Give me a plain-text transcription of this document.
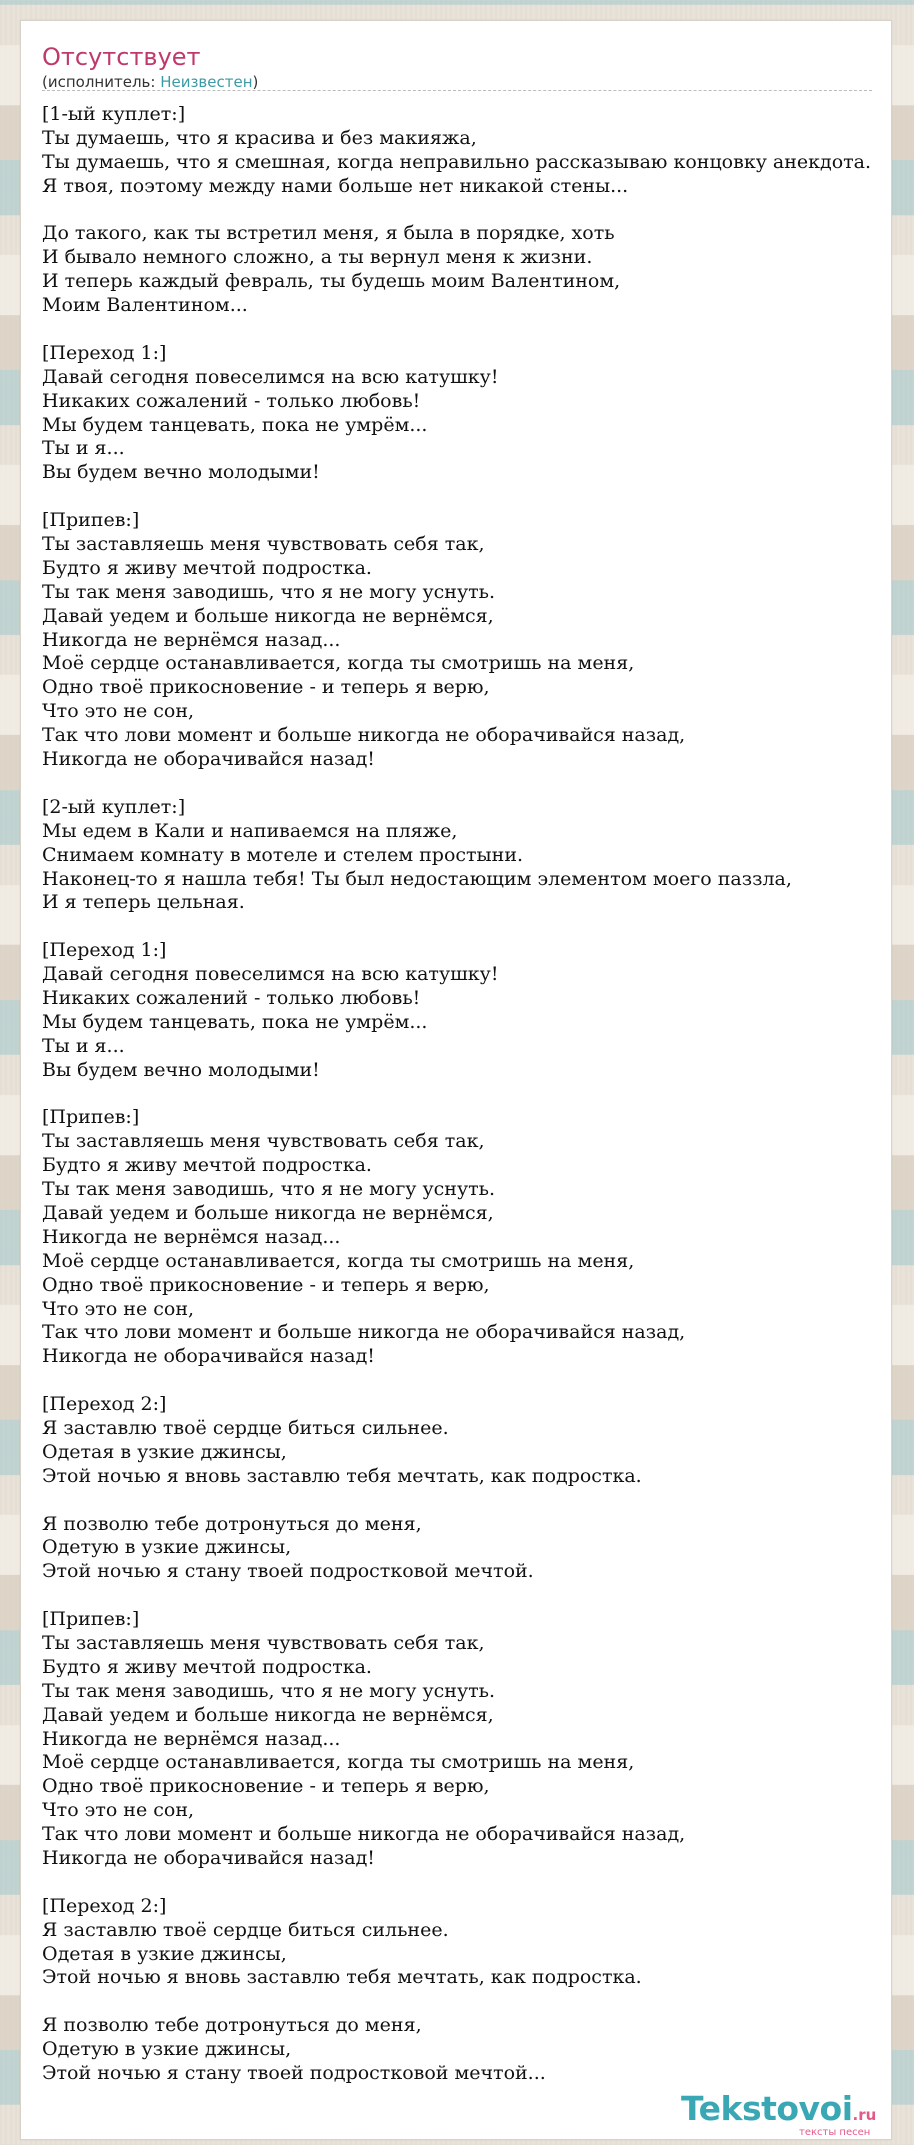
Отсутствует
(исполнитель: Неизвестен)
[1-ый куплет:]
Ты думаешь, что я красива и без макияжа,
Ты думаешь, что я смешная, когда неправильно рассказываю концовку анекдота.
Я твоя, поэтому между нами больше нет никакой стены...
До такого, как ты встретил меня, я была в порядке, хоть
И бывало немного сложно, а ты вернул меня к жизни.
И теперь каждый февраль, ты будешь моим Валентином,
Моим Валентином...
[Переход 1:]
Давай сегодня повеселимся на всю катушку!
Никаких сожалений - только любовь!
Мы будем танцевать, пока не умрём...
Ты и я...
Вы будем вечно молодыми!
[Припев:]
Ты заставляешь меня чувствовать себя так,
Будто я живу мечтой подростка.
Ты так меня заводишь, что я не могу уснуть.
Давай уедем и больше никогда не вернёмся,
Никогда не вернёмся назад...
Моё сердце останавливается, когда ты смотришь на меня,
Одно твоё прикосновение - и теперь я верю,
Что это не сон,
Так что лови момент и больше никогда не оборачивайся назад,
Никогда не оборачивайся назад!
[2-ый куплет:]
Мы едем в Кали и напиваемся на пляже,
Снимаем комнату в мотеле и стелем простыни.
Наконец-то я нашла тебя! Ты был недостающим элементом моего паззла,
И я теперь цельная.
[Переход 1:]
Давай сегодня повеселимся на всю катушку!
Никаких сожалений - только любовь!
Мы будем танцевать, пока не умрём...
Ты и я...
Вы будем вечно молодыми!
[Припев:]
Ты заставляешь меня чувствовать себя так,
Будто я живу мечтой подростка.
Ты так меня заводишь, что я не могу уснуть.
Давай уедем и больше никогда не вернёмся,
Никогда не вернёмся назад...
Моё сердце останавливается, когда ты смотришь на меня,
Одно твоё прикосновение - и теперь я верю,
Что это не сон,
Так что лови момент и больше никогда не оборачивайся назад,
Никогда не оборачивайся назад!
[Переход 2:]
Я заставлю твоё сердце биться сильнее.
Одетая в узкие джинсы,
Этой ночью я вновь заставлю тебя мечтать, как подростка.
Я позволю тебе дотронуться до меня,
Одетую в узкие джинсы,
Этой ночью я стану твоей подростковой мечтой.
[Припев:]
Ты заставляешь меня чувствовать себя так,
Будто я живу мечтой подростка.
Ты так меня заводишь, что я не могу уснуть.
Давай уедем и больше никогда не вернёмся,
Никогда не вернёмся назад...
Моё сердце останавливается, когда ты смотришь на меня,
Одно твоё прикосновение - и теперь я верю,
Что это не сон,
Так что лови момент и больше никогда не оборачивайся назад,
Никогда не оборачивайся назад!
[Переход 2:]
Я заставлю твоё сердце биться сильнее.
Одетая в узкие джинсы,
Этой ночью я вновь заставлю тебя мечтать, как подростка.
Я позволю тебе дотронуться до меня,
Одетую в узкие джинсы,
Этой ночью я стану твоей подростковой мечтой...
Tekstovoi.ru
тексты песен
